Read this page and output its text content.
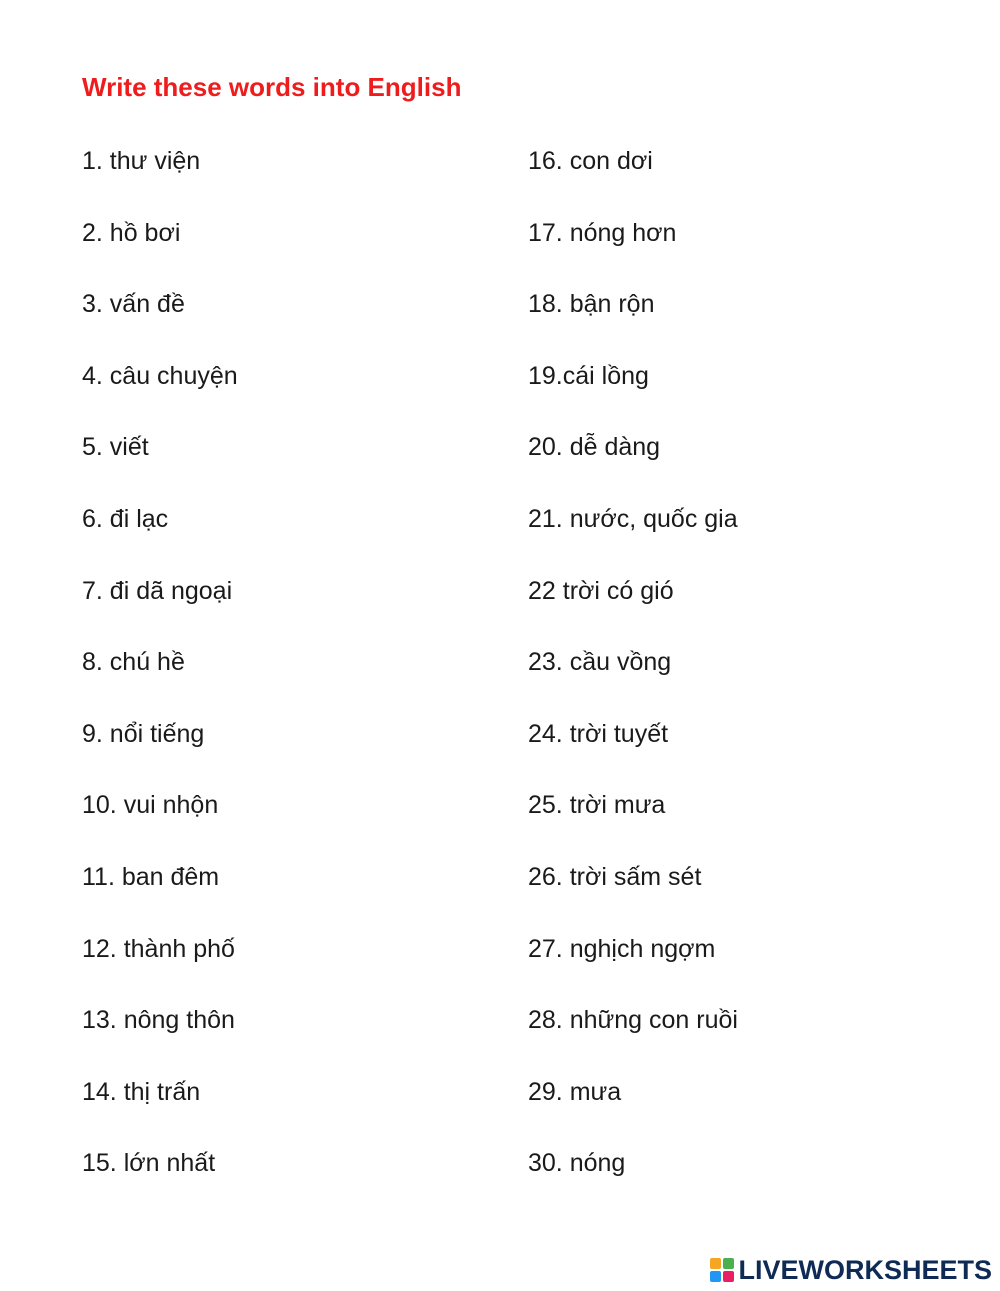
Write these words into English
1. thư viện
2. hồ bơi
3. vấn đề
4. câu chuyện
5. viết
6. đi lạc
7. đi dã ngoại
8. chú hề
9. nổi tiếng
10. vui nhộn
11. ban đêm
12. thành phố
13. nông thôn
14. thị trấn
15. lớn nhất
16. con dơi
17. nóng hơn
18. bận rộn
19.cái lồng
20. dễ dàng
21. nước, quốc gia
22 trời có gió
23. cầu vồng
24. trời tuyết
25. trời mưa
26. trời sấm sét
27. nghịch ngợm
28. những con ruồi
29. mưa
30. nóng
LIVEWORKSHEETS
